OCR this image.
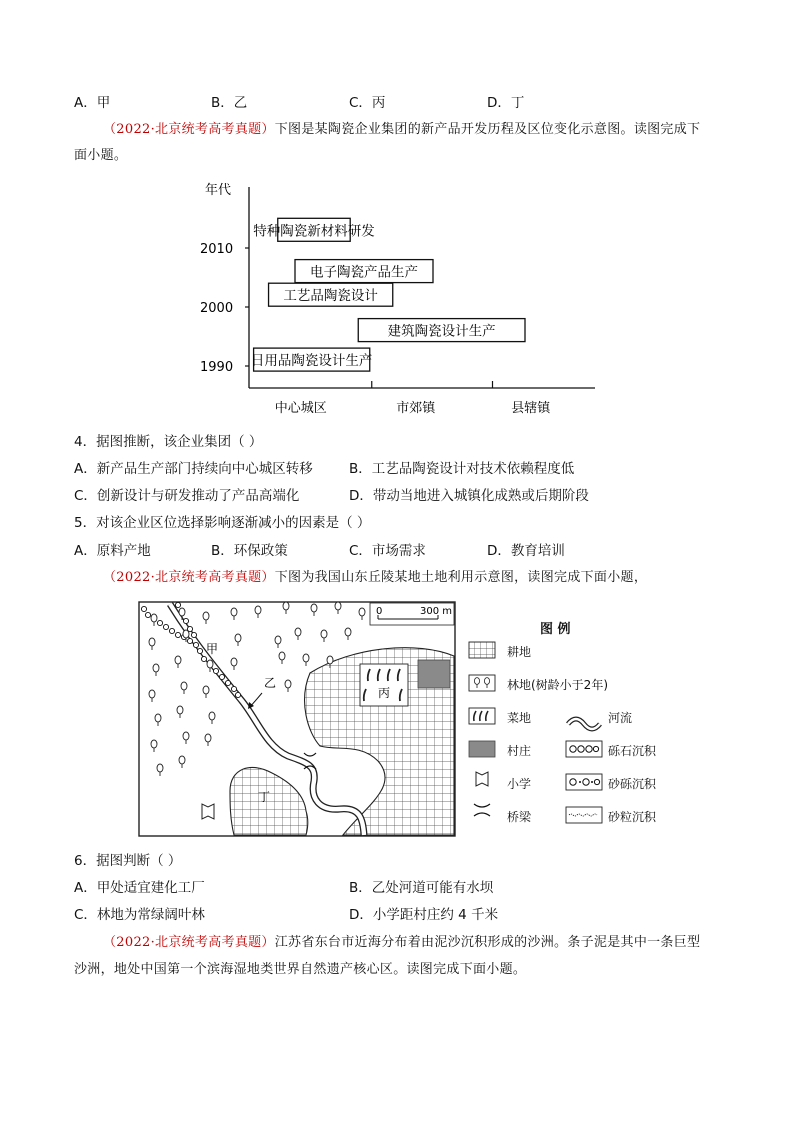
A．甲	B．乙	C．丙	D．丁
（2022·北京统考高考真题）下图是某陶瓷企业集团的新产品开发历程及区位变化示意图。读图完成下
面小题。
年代
2010
2000
1990
中心城区	市郊镇	县辖镇
特种陶瓷新材料研发
电子陶瓷产品生产
工艺品陶瓷设计
建筑陶瓷设计生产
日用品陶瓷设计生产
4．据图推断，该企业集团（ ）
A．新产品生产部门持续向中心城区转移	B．工艺品陶瓷设计对技术依赖程度低
C．创新设计与研发推动了产品高端化	D．带动当地进入城镇化成熟或后期阶段
5．对该企业区位选择影响逐渐减小的因素是（ ）
A．原料产地	B．环保政策	C．市场需求	D．教育培训
（2022·北京统考高考真题）下图为我国山东丘陵某地土地利用示意图，读图完成下面小题，
0	300 m
甲
乙
丙
丁
图 例
耕地
林地(树龄小于2年)
菜地	河流
村庄	砾石沉积
小学	砂砾沉积
桥梁	砂粒沉积
6．据图判断（ ）
A．甲处适宜建化工厂	B．乙处河道可能有水坝
C．林地为常绿阔叶林	D．小学距村庄约 4 千米
（2022·北京统考高考真题）江苏省东台市近海分布着由泥沙沉积形成的沙洲。条子泥是其中一条巨型
沙洲，地处中国第一个滨海湿地类世界自然遗产核心区。读图完成下面小题。
